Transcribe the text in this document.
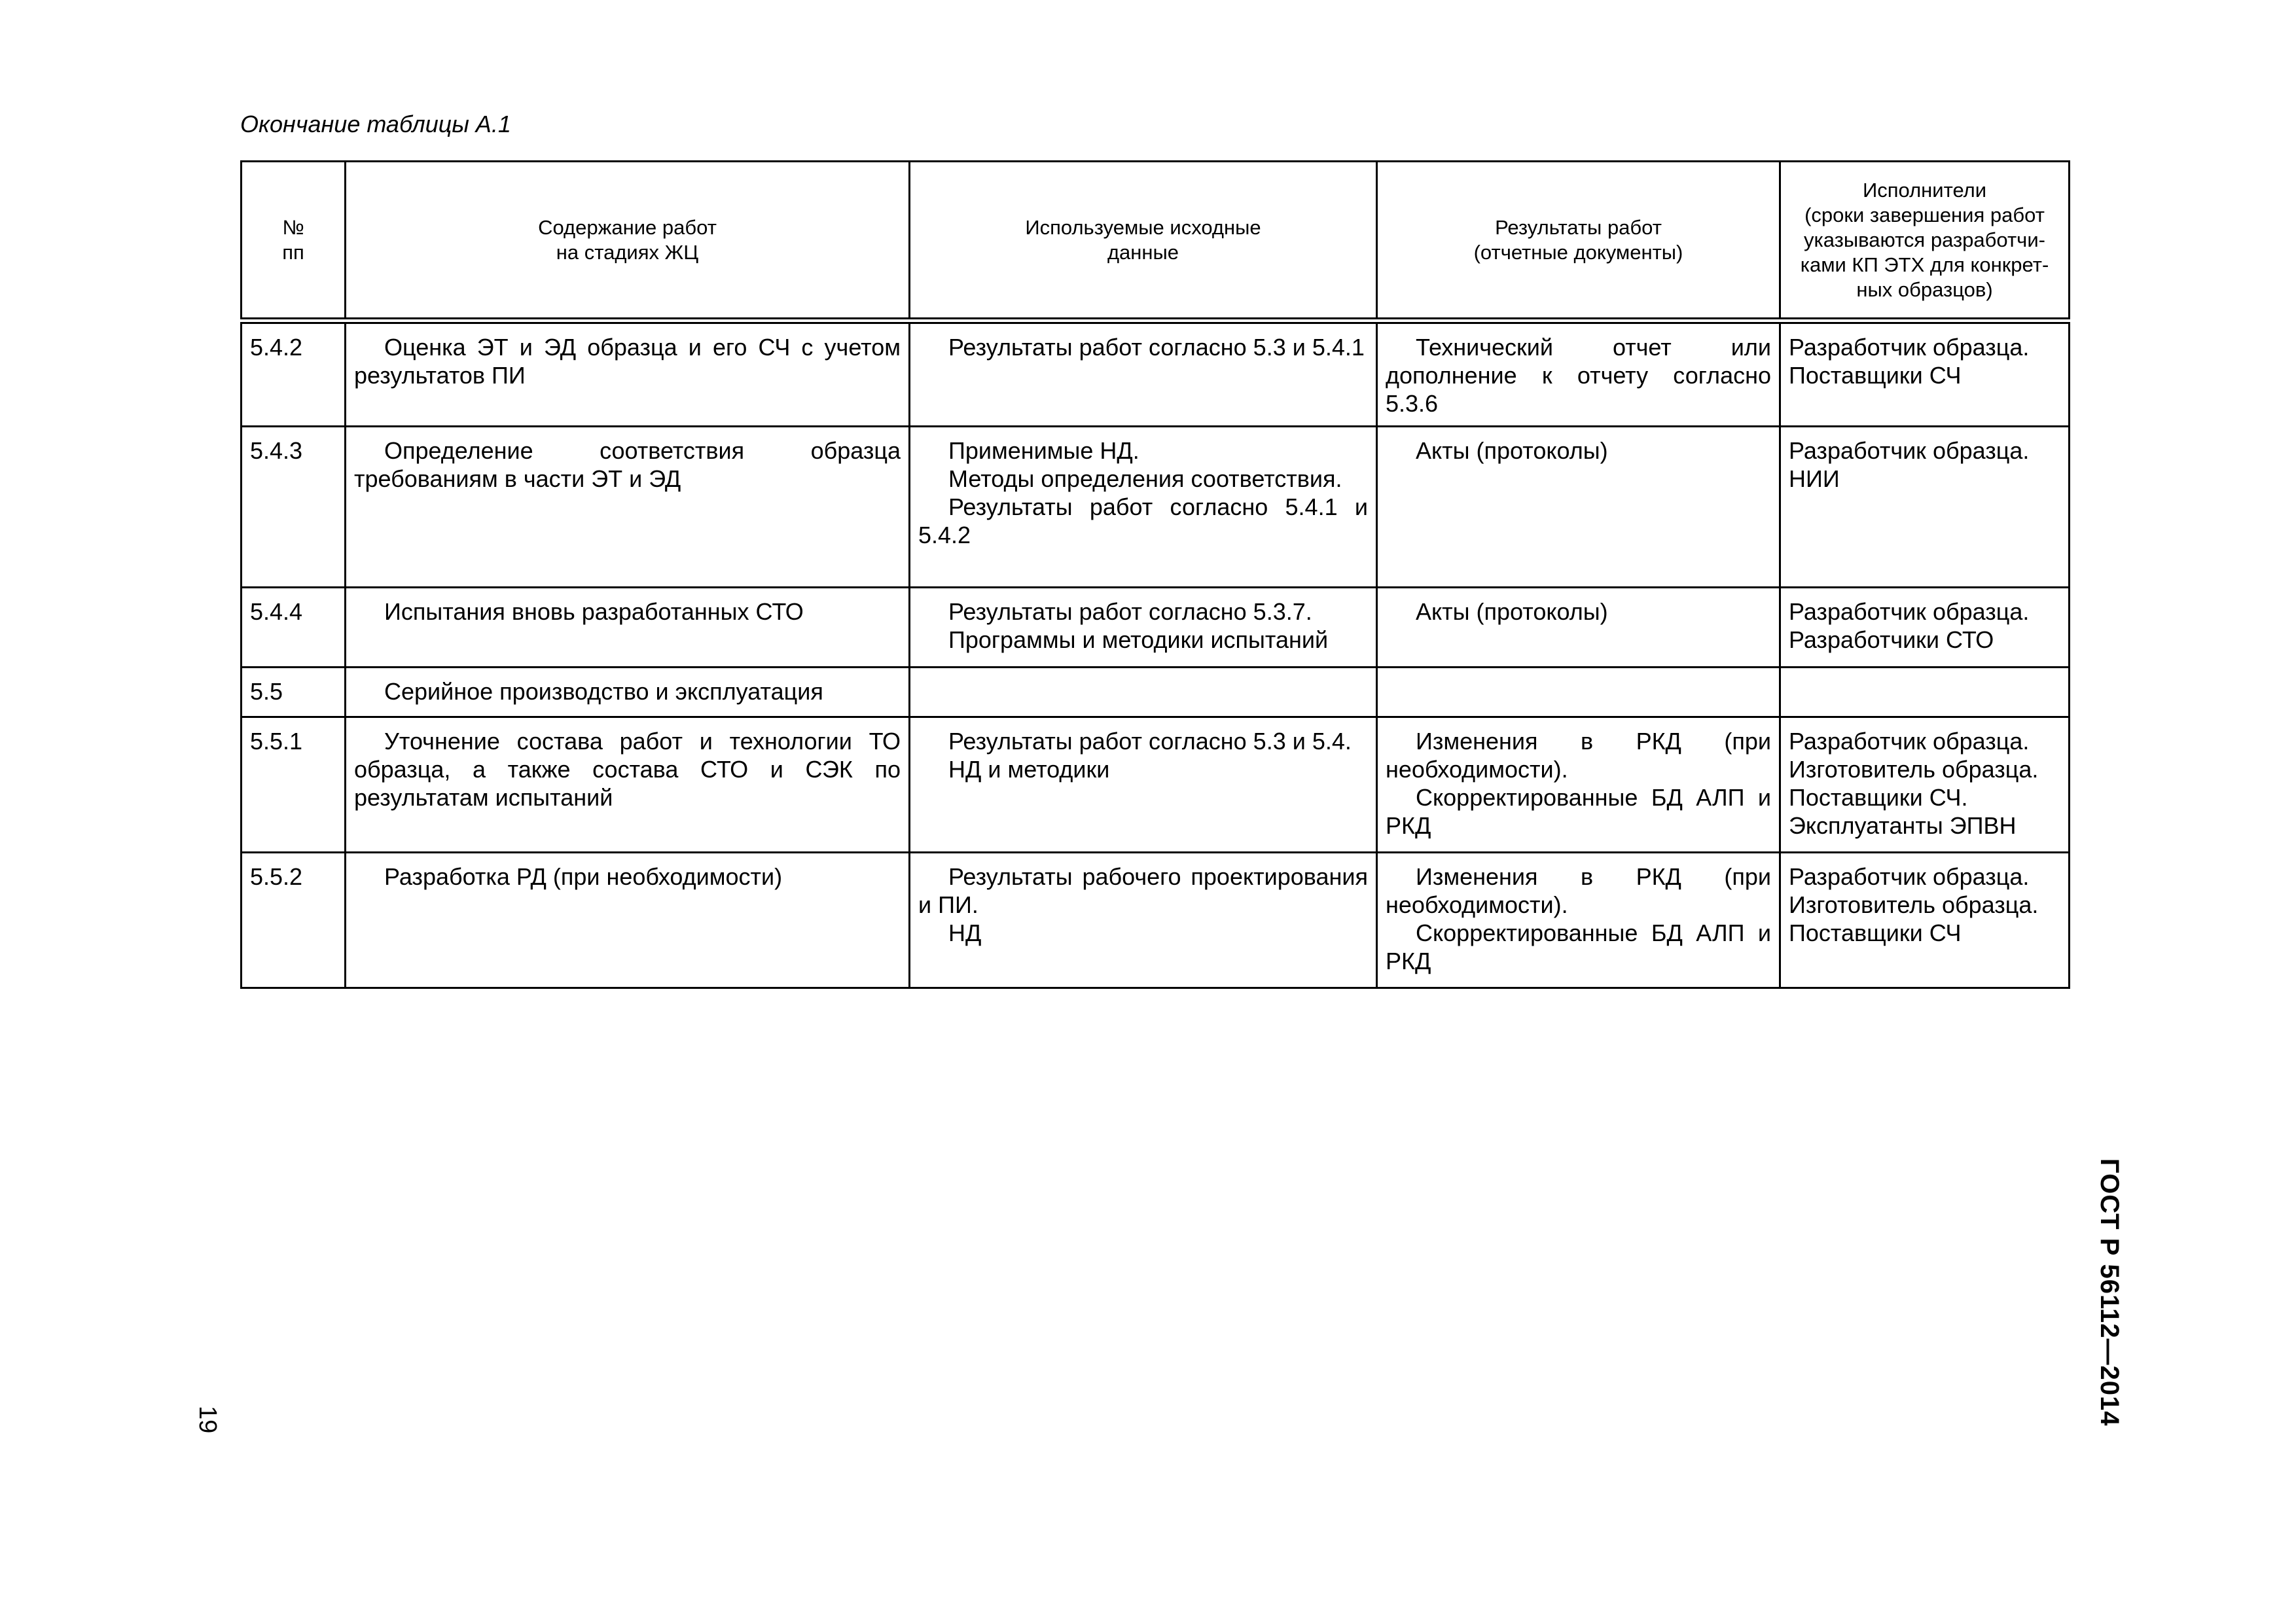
Окончание таблицы А.1
№
пп	Содержание работ
на стадиях ЖЦ	Используемые исходные
данные	Результаты работ
(отчетные документы)	Исполнители
(сроки завершения работ
указываются разработчи-
ками КП ЭТХ для конкрет-
ных образцов)

5.4.2	Оценка ЭТ и ЭД образца и его СЧ с учетом результатов ПИ	Результаты работ согласно 5.3 и 5.4.1	Технический отчет или дополнение к отчету согласно 5.3.6	Разработчик образца.
Поставщики СЧ

5.4.3	Определение соответствия образца требованиям в части ЭТ и ЭД	Применимые НД.
Методы определения соответствия.
Результаты работ согласно 5.4.1 и 5.4.2	Акты (протоколы)	Разработчик образца.
НИИ

5.4.4	Испытания вновь разработанных СТО	Результаты работ согласно 5.3.7.
Программы и методики испытаний	Акты (протоколы)	Разработчик образца.
Разработчики СТО

5.5	Серийное производство и эксплуатация			

5.5.1	Уточнение состава работ и технологии ТО образца, а также состава СТО и СЭК по результатам испытаний	Результаты работ согласно 5.3 и 5.4.
НД и методики	Изменения в РКД (при необходимости).
Скорректированные БД АЛП и РКД	Разработчик образца.
Изготовитель образца.
Поставщики СЧ.
Эксплуатанты ЭПВН

5.5.2	Разработка РД (при необходимости)	Результаты рабочего проектирования и ПИ.
НД	Изменения в РКД (при необходимости).
Скорректированные БД АЛП и РКД	Разработчик образца.
Изготовитель образца.
Поставщики СЧ
ГОСТ Р 56112—2014
19
